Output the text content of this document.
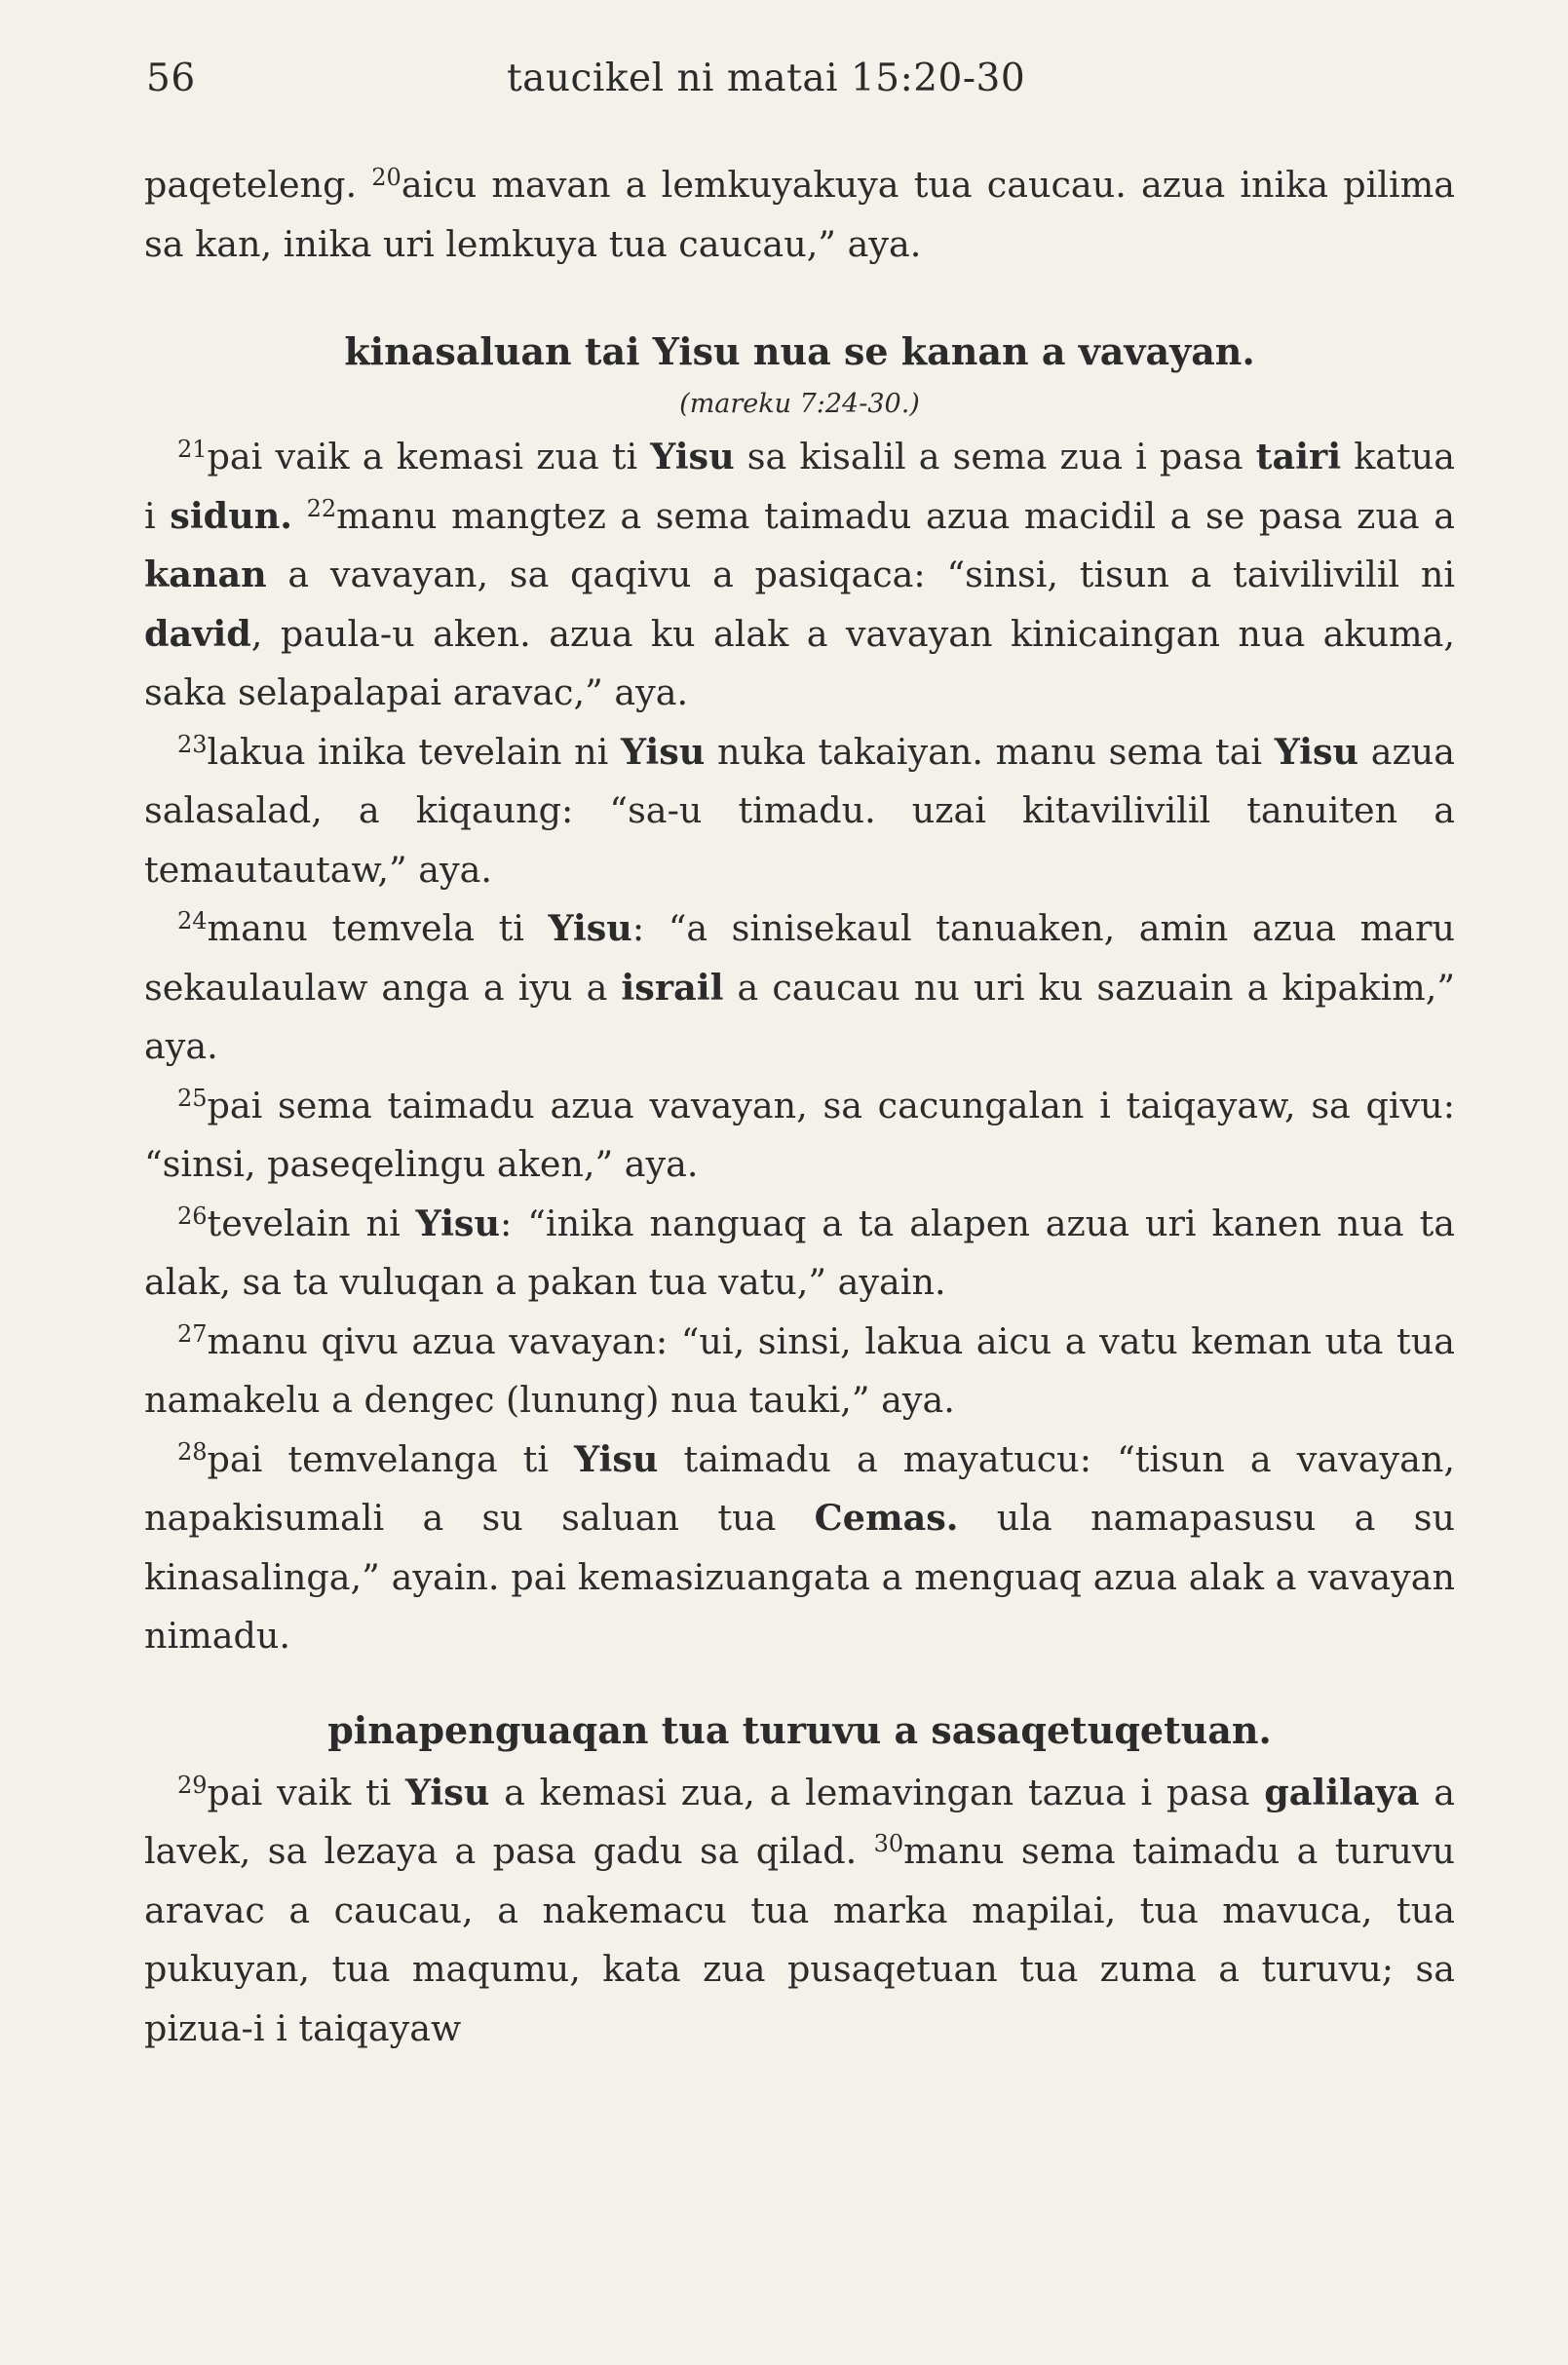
56	taucikel ni matai 15:20-30

paqeteleng. $^{20}$aicu mavan a lemkuyakuya tua caucau. azua inika pilima sa kan, inika uri lemkuya tua caucau,” aya.

kinasaluan tai Yisu nua se kanan a vavayan.

(mareku 7:24-30.)

$^{21}$pai vaik a kemasi zua ti Yisu sa kisalil a sema zua i pasa tairi katua i sidun. $^{22}$manu mangtez a sema taimadu azua macidil a se pasa zua a kanan a vavayan, sa qaqivu a pasiqaca: “sinsi, tisun a taivilivilil ni david, paula-u aken. azua ku alak a vavayan kinicaingan nua akuma, saka selapalapai aravac,” aya.

$^{23}$lakua inika tevelain ni Yisu nuka takaiyan. manu sema tai Yisu azua salasalad, a kiqaung: “sa-u timadu. uzai kitavilivilil tanuiten a temautautaw,” aya.

$^{24}$manu temvela ti Yisu: “a sinisekaul tanuaken, amin azua maru sekaulaulaw anga a iyu a israil a caucau nu uri ku sazuain a kipakim,” aya.

$^{25}$pai sema taimadu azua vavayan, sa cacungalan i taiqayaw, sa qivu: “sinsi, paseqelingu aken,” aya.

$^{26}$tevelain ni Yisu: “inika nanguaq a ta alapen azua uri kanen nua ta alak, sa ta vuluqan a pakan tua vatu,” ayain.

$^{27}$manu qivu azua vavayan: “ui, sinsi, lakua aicu a vatu keman uta tua namakelu a dengec (lunung) nua tauki,” aya.

$^{28}$pai temvelanga ti Yisu taimadu a mayatucu: “tisun a vavayan, napakisumali a su saluan tua Cemas. ula namapasusu a su kinasalinga,” ayain. pai kemasizuangata a menguaq azua alak a vavayan nimadu.

pinapenguaqan tua turuvu a sasaqetuqetuan.

$^{29}$pai vaik ti Yisu a kemasi zua, a lemavingan tazua i pasa galilaya a lavek, sa lezaya a pasa gadu sa qilad. $^{30}$manu sema taimadu a turuvu aravac a caucau, a nakemacu tua marka mapilai, tua mavuca, tua pukuyan, tua maqumu, kata zua pusaqetuan tua zuma a turuvu; sa pizua-i i taiqayaw
